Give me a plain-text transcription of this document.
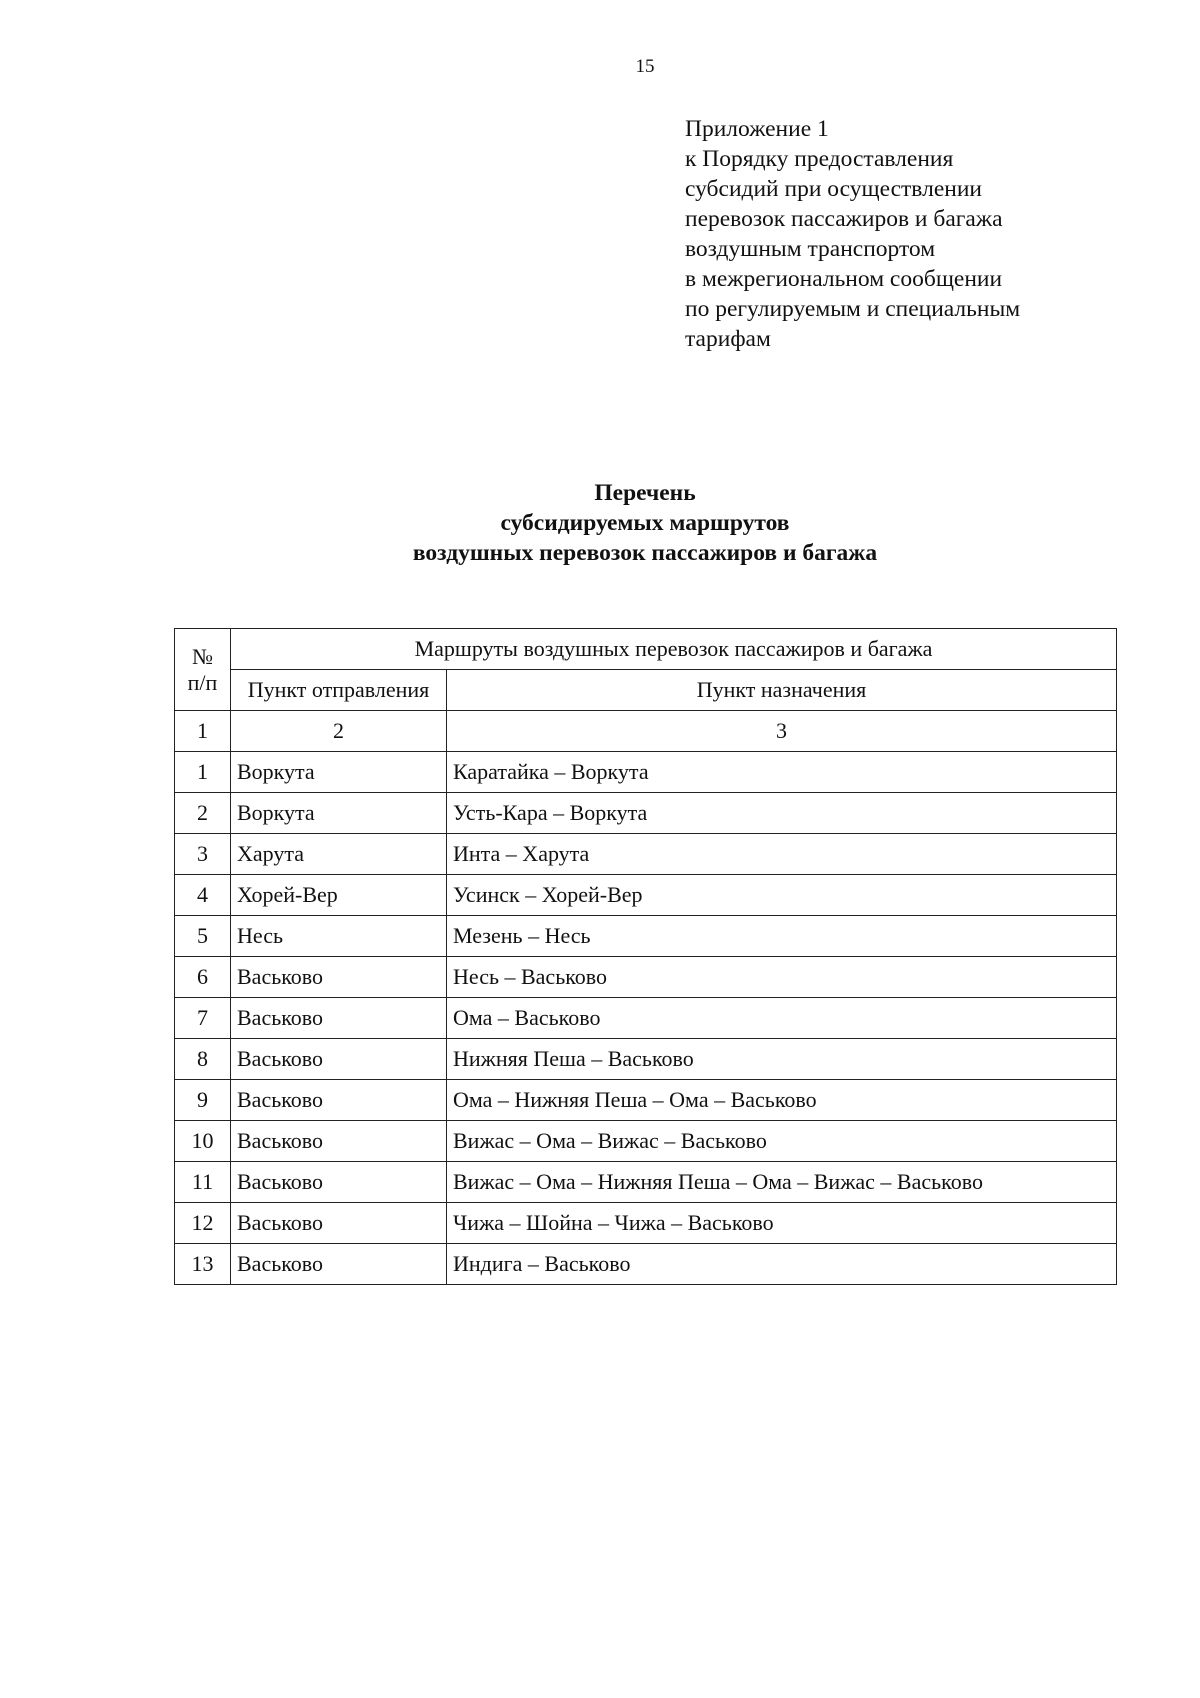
15
Приложение 1
к Порядку предоставления
субсидий при осуществлении
перевозок пассажиров и багажа
воздушным транспортом
в межрегиональном сообщении
по регулируемым и специальным
тарифам
Перечень
субсидируемых маршрутов
воздушных перевозок пассажиров и багажа
№
п/п	Маршруты воздушных перевозок пассажиров и багажа	
	Пункт отправления	Пункт назначения
1	2	3
1	Воркута	Каратайка – Воркута
2	Воркута	Усть-Кара – Воркута
3	Харута	Инта – Харута
4	Хорей-Вер	Усинск – Хорей-Вер
5	Несь	Мезень – Несь
6	Васьково	Несь – Васьково
7	Васьково	Ома – Васьково
8	Васьково	Нижняя Пеша – Васьково
9	Васьково	Ома – Нижняя Пеша – Ома – Васьково
10	Васьково	Вижас – Ома – Вижас – Васьково
11	Васьково	Вижас – Ома – Нижняя Пеша – Ома – Вижас – Васьково
12	Васьково	Чижа – Шойна – Чижа – Васьково
13	Васьково	Индига – Васьково
